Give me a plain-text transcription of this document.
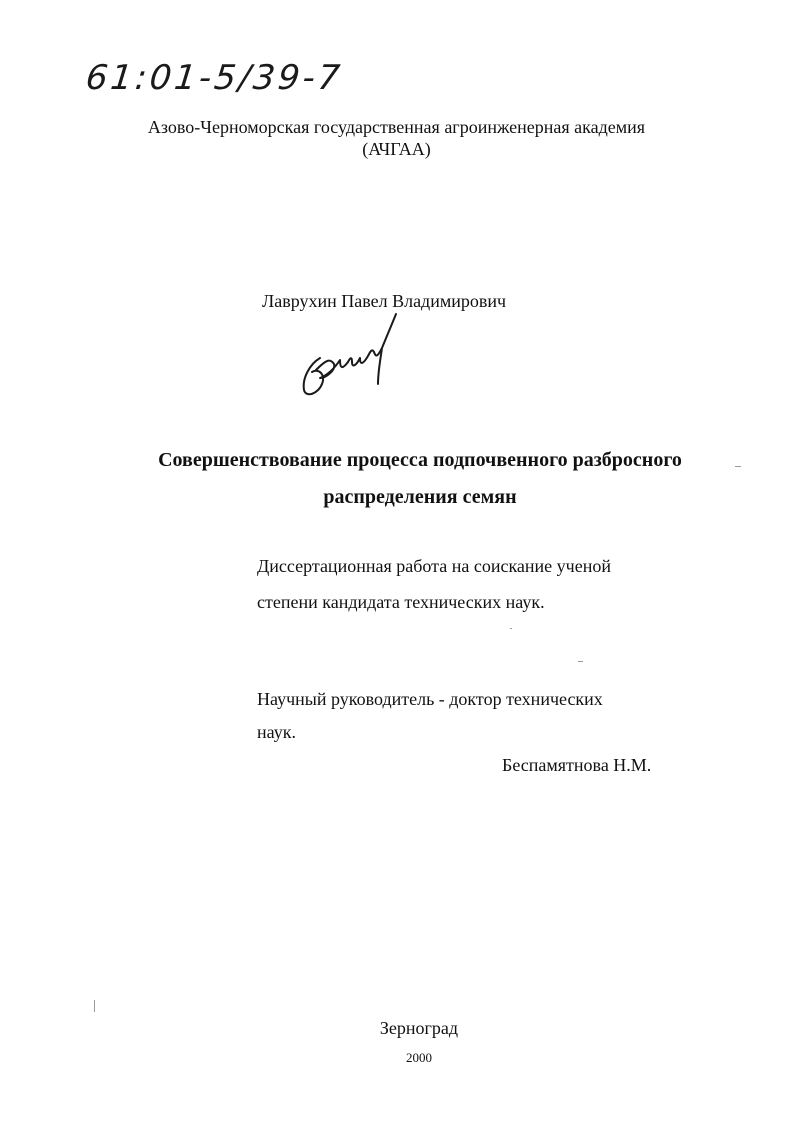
61:01-5/39-7
Азово-Черноморская государственная агроинженерная академия
(АЧГАА)
Лаврухин Павел Владимирович
Совершенствование процесса подпочвенного разбросного
распределения семян
Диссертационная работа на соискание ученой
степени кандидата технических наук.
Научный руководитель - доктор технических
наук.
Беспамятнова Н.М.
Зерноград
2000
